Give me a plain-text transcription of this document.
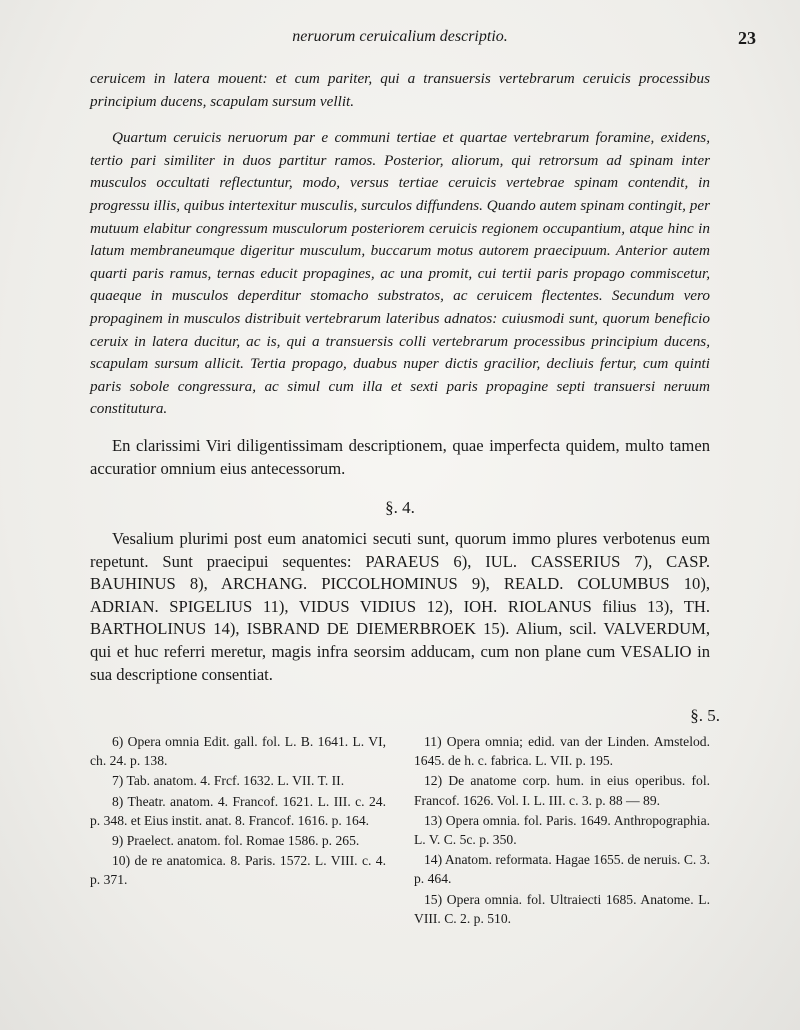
neruorum ceruicalium descriptio.	23

ceruicem in latera mouent: et cum pariter, qui a transuersis vertebrarum ceruicis processibus principium ducens, scapulam sursum vellit.

Quartum ceruicis neruorum par e communi tertiae et quartae vertebrarum foramine, exidens, tertio pari similiter in duos partitur ramos. Posterior, aliorum, qui retrorsum ad spinam inter musculos occultati reflectuntur, modo, versus tertiae ceruicis vertebrae spinam contendit, in progressu illis, quibus intertexitur musculis, surculos diffundens. Quando autem spinam contingit, per mutuum elabitur congressum musculorum posteriorem ceruicis regionem occupantium, atque hinc in latum membraneumque digeritur musculum, buccarum motus autorem praecipuum. Anterior autem quarti paris ramus, ternas educit propagines, ac una promit, cui tertii paris propago commiscetur, quaeque in musculos deperditur stomacho substratos, ac ceruicem flectentes. Secundum vero propaginem in musculos distribuit vertebrarum lateribus adnatos: cuiusmodi sunt, quorum beneficio ceruix in latera ducitur, ac is, qui a transuersis colli vertebrarum processibus principium ducens, scapulam sursum allicit. Tertia propago, duabus nuper dictis gracilior, decliuis fertur, cum quinti paris sobole congressura, ac simul cum illa et sexti paris propagine septi transuersi neruum constitutura.

En clarissimi Viri diligentissimam descriptionem, quae imperfecta quidem, multo tamen accuratior omnium eius antecessorum.

§. 4.

Vesalium plurimi post eum anatomici secuti sunt, quorum immo plures verbotenus eum repetunt. Sunt praecipui sequentes: PARAEUS 6), IUL. CASSERIUS 7), CASP. BAUHINUS 8), ARCHANG. PICCOLHOMINUS 9), REALD. COLUMBUS 10), ADRIAN. SPIGELIUS 11), VIDUS VIDIUS 12), IOH. RIOLANUS filius 13), TH. BARTHOLINUS 14), ISBRAND DE DIEMERBROEK 15). Alium, scil. VALVERDUM, qui et huc referri meretur, magis infra seorsim adducam, cum non plane cum VESALIO in sua descriptione consentiat.

§. 5.

6) Opera omnia Edit. gall. fol. L. B. 1641. L. VI, ch. 24. p. 138.

7) Tab. anatom. 4. Frcf. 1632. L. VII. T. II.

8) Theatr. anatom. 4. Francof. 1621. L. III. c. 24. p. 348. et Eius instit. anat. 8. Francof. 1616. p. 164.

9) Praelect. anatom. fol. Romae 1586. p. 265.

10) de re anatomica. 8. Paris. 1572. L. VIII. c. 4. p. 371.

11) Opera omnia; edid. van der Linden. Amstelod. 1645. de h. c. fabrica. L. VII. p. 195.

12) De anatome corp. hum. in eius operibus. fol. Francof. 1626. Vol. I. L. III. c. 3. p. 88 — 89.

13) Opera omnia. fol. Paris. 1649. Anthropographia. L. V. C. 5c. p. 350.

14) Anatom. reformata. Hagae 1655. de neruis. C. 3. p. 464.

15) Opera omnia. fol. Ultraiecti 1685. Anatome. L. VIII. C. 2. p. 510.
